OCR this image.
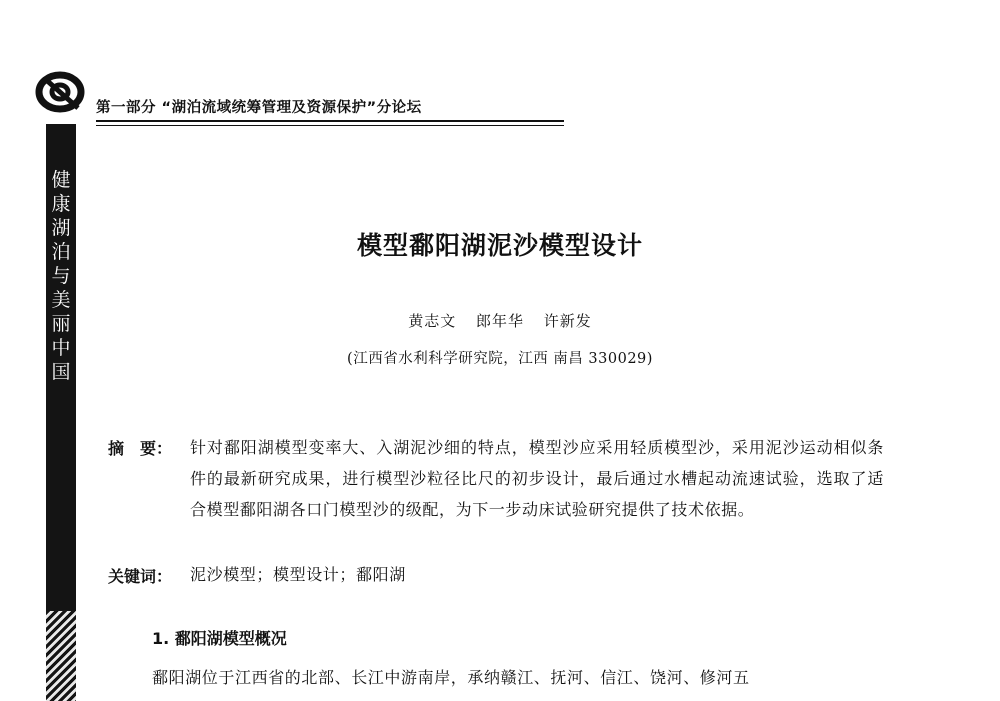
健康湖泊与美丽中国
第一部分 “湖泊流域统筹管理及资源保护”分论坛
模型鄱阳湖泥沙模型设计
黄志文 郎年华 许新发
(江西省水利科学研究院，江西 南昌 330029)
摘　要： 针对鄱阳湖模型变率大、入湖泥沙细的特点，模型沙应采用轻质模型沙，采用泥沙运动相似条件的最新研究成果，进行模型沙粒径比尺的初步设计，最后通过水槽起动流速试验，选取了适合模型鄱阳湖各口门模型沙的级配，为下一步动床试验研究提供了技术依据。
关键词： 泥沙模型；模型设计；鄱阳湖
1. 鄱阳湖模型概况
鄱阳湖位于江西省的北部、长江中游南岸，承纳赣江、抚河、信江、饶河、修河五
